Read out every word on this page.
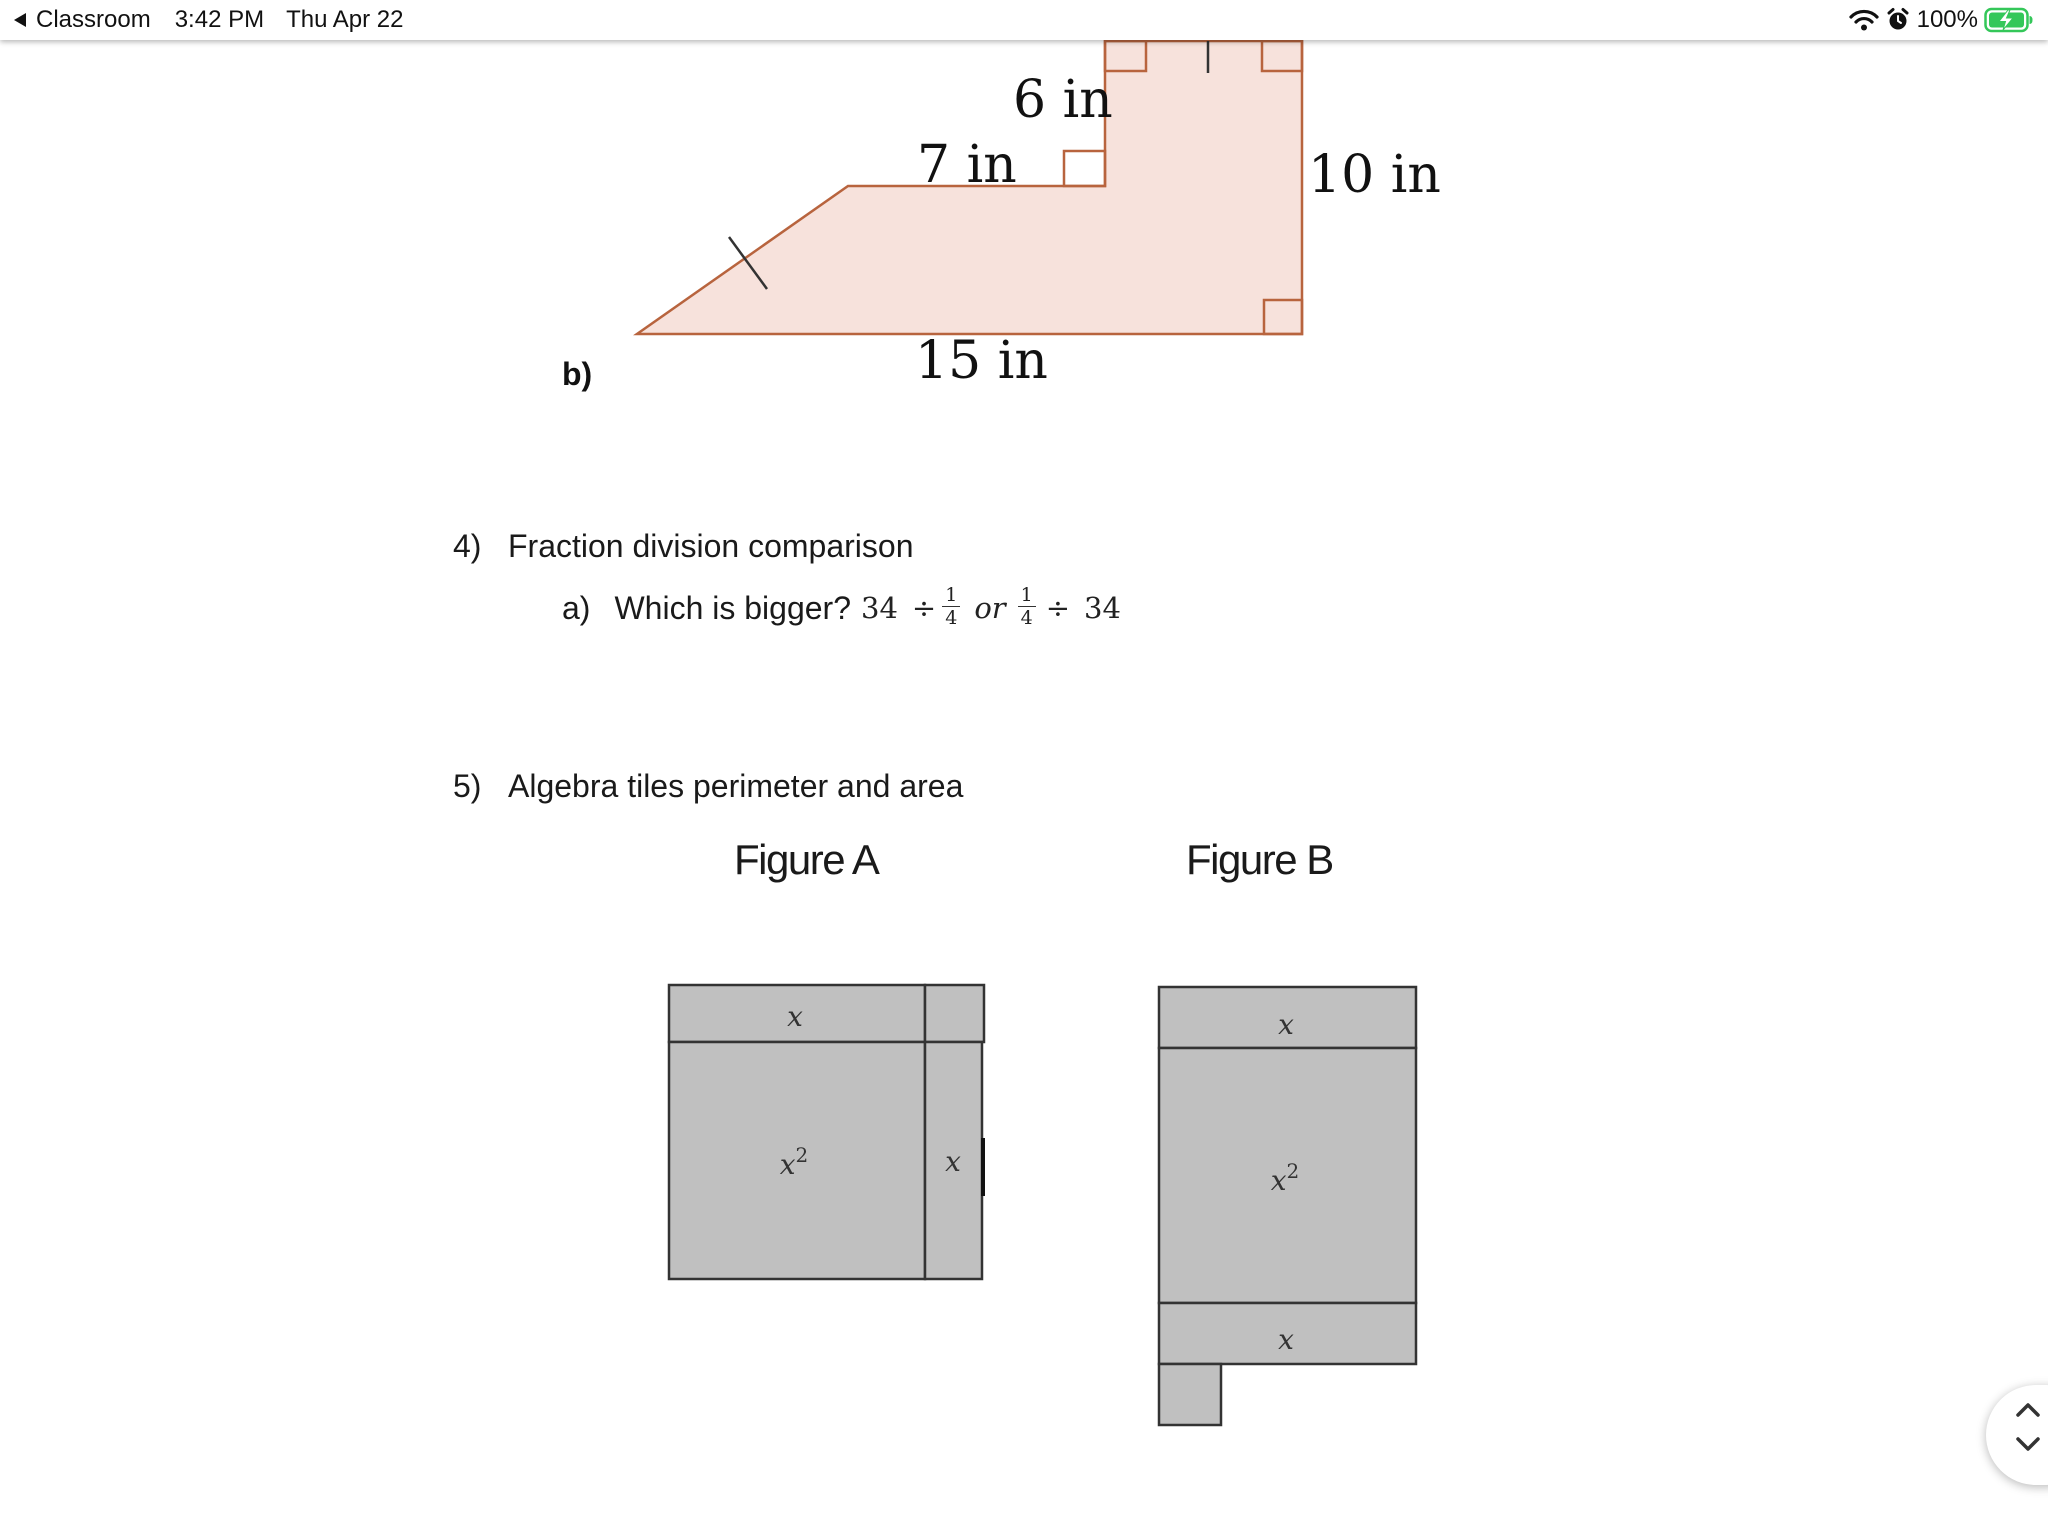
Classroom 3:42 PM Thu Apr 22	100%
6 in
7 in	10 in
15 in
b)
x
$x^2$	x
x
$x^2$
x
4) Fraction division comparison
a) Which is bigger? $34 \div \frac{1}{4}$ or $\frac{1}{4} \div 34$
5) Algebra tiles perimeter and area
Figure A	Figure B
